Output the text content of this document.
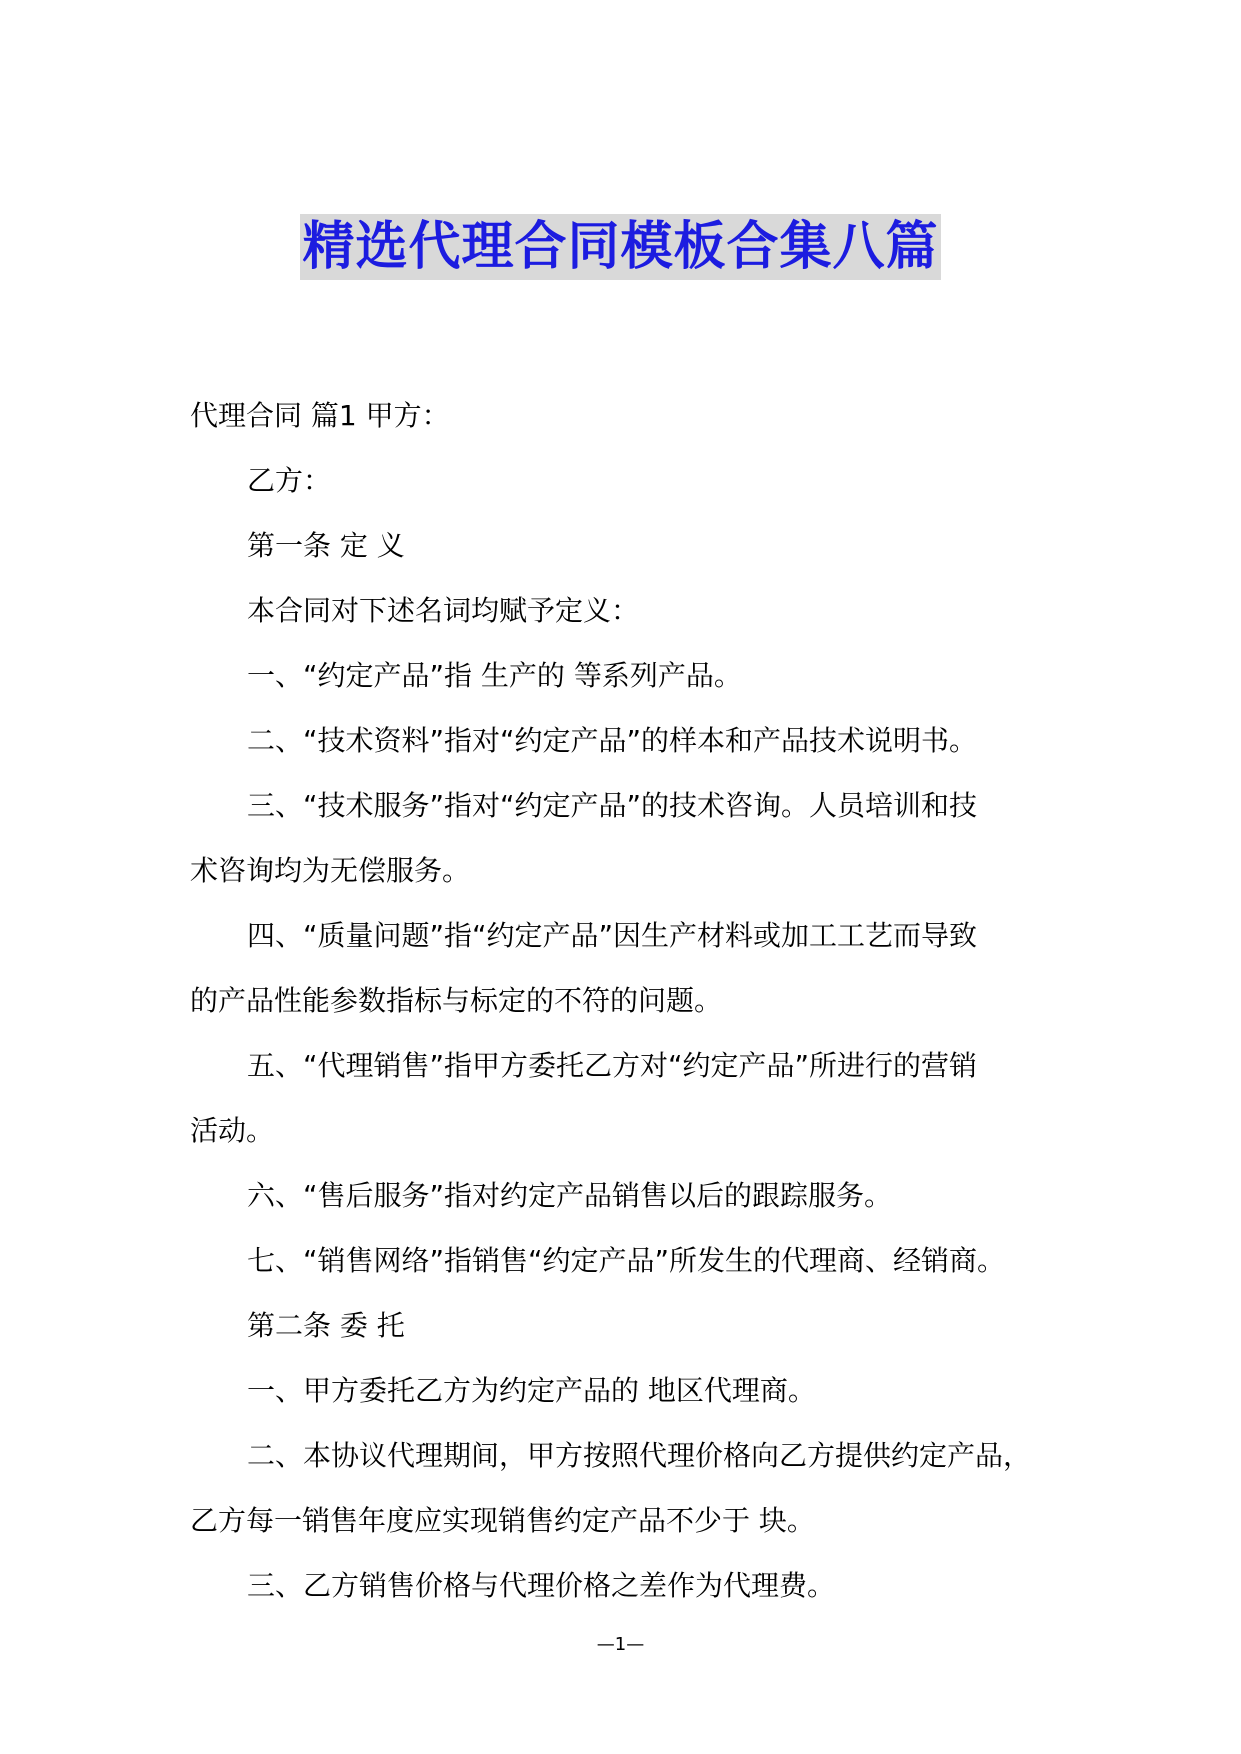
精选代理合同模板合集八篇
代理合同 篇1 甲方：
乙方：
第一条 定 义
本合同对下述名词均赋予定义：
一、“约定产品”指 生产的 等系列产品。
二、“技术资料”指对“约定产品”的样本和产品技术说明书。
三、“技术服务”指对“约定产品”的技术咨询。人员培训和技
术咨询均为无偿服务。
四、“质量问题”指“约定产品”因生产材料或加工工艺而导致
的产品性能参数指标与标定的不符的问题。
五、“代理销售”指甲方委托乙方对“约定产品”所进行的营销
活动。
六、“售后服务”指对约定产品销售以后的跟踪服务。
七、“销售网络”指销售“约定产品”所发生的代理商、经销商。
第二条 委 托
一、甲方委托乙方为约定产品的 地区代理商。
二、本协议代理期间，甲方按照代理价格向乙方提供约定产品，
乙方每一销售年度应实现销售约定产品不少于 块。
三、乙方销售价格与代理价格之差作为代理费。
—1—
